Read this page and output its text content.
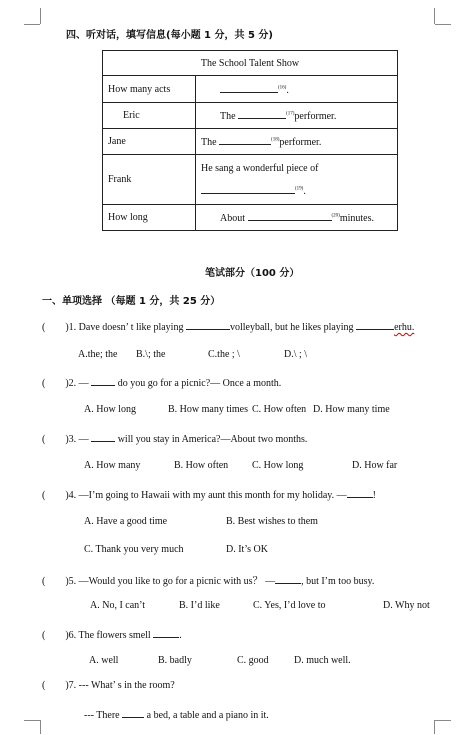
四、听对话，填写信息(每小题 1 分，共 5 分)
The School Talent Show	
How many acts	$^{(16)}$.
Eric	The $^{(17)}$performer.
Jane	The $^{(18)}$performer.
Frank	He sang a wonderful piece of
$^{(19)}$.

How long	About $^{(20)}$minutes.
笔试部分（100 分）
一、单项选择 （每题 1 分，共 25 分）
( )1. Dave doesn’ t like playing	volleyball, but he likes playing	erhu.
A.the; the B.\; the	C.the ; \	D.\ ; \
( )2. —  do you go for a picnic?— Once a month.
A. How long	B. How many times C. How often D. How many time
( )3. —  will you stay in America?—About two months.
A. How many	B. How often C. How long	D. How far
( )4. —I’m going to Hawaii with my aunt this month for my holiday. —	!
A. Have a good time	B. Best wishes to them
C. Thank you very much	D. It’s OK
( )5. —Would you like to go for a picnic with us？ —	, but I’m too busy.
A. No, I can’t	B. I’d like	C. Yes, I’d love to	D. Why not
( )6. The flowers smell	.
A. well	B. badly	C. good	D. much well.
( )7. --- What’ s in the room?
--- There  a bed, a table and a piano in it.
